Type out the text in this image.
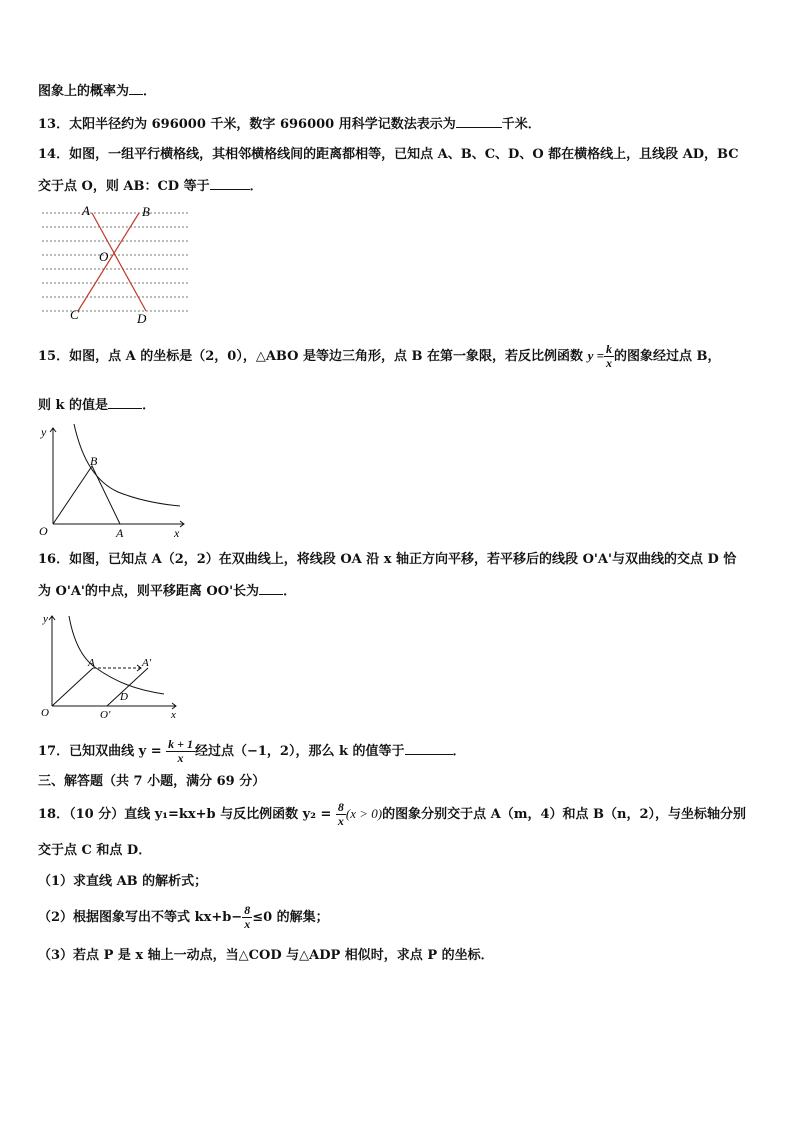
图象上的概率为 ．
13．太阳半径约为 696000 千米，数字 696000 用科学记数法表示为	千米．
14．如图，一组平行横格线，其相邻横格线间的距离都相等，已知点 A、B、C、D、O 都在横格线上，且线段 AD，BC
交于点 O，则 AB：CD 等于	．
A	B
O
C	D
15．如图，点 A 的坐标是（2，0），△ABO 是等边三角形，点 B 在第一象限，若反比例函数 $y = \frac{k}{x}$ 的图象经过点 B，
则 k 的值是	．
y
B
O	A	x
16．如图，已知点 A（2，2）在双曲线上，将线段 OA 沿 x 轴正方向平移，若平移后的线段 O'A'与双曲线的交点 D 恰
为 O'A'的中点，则平移距离 OO'长为 ．
y
A	A'
D
O	O'	x
17．已知双曲线 $y = \frac{k + 1}{x}$ 经过点（−1，2），那么 k 的值等于	．
三、解答题（共 7 小题，满分 69 分）
18．（10 分）直线 y₁=kx+b 与反比例函数 $y_2 = \frac{8}{x} (x > 0)$的图象分别交于点 A（m，4）和点 B（n，2），与坐标轴分别
交于点 C 和点 D．
（1）求直线 AB 的解析式；
（2）根据图象写出不等式 $kx+b- \frac{8}{x} \le 0$ 的解集；
（3）若点 P 是 x 轴上一动点，当△COD 与△ADP 相似时，求点 P 的坐标．
